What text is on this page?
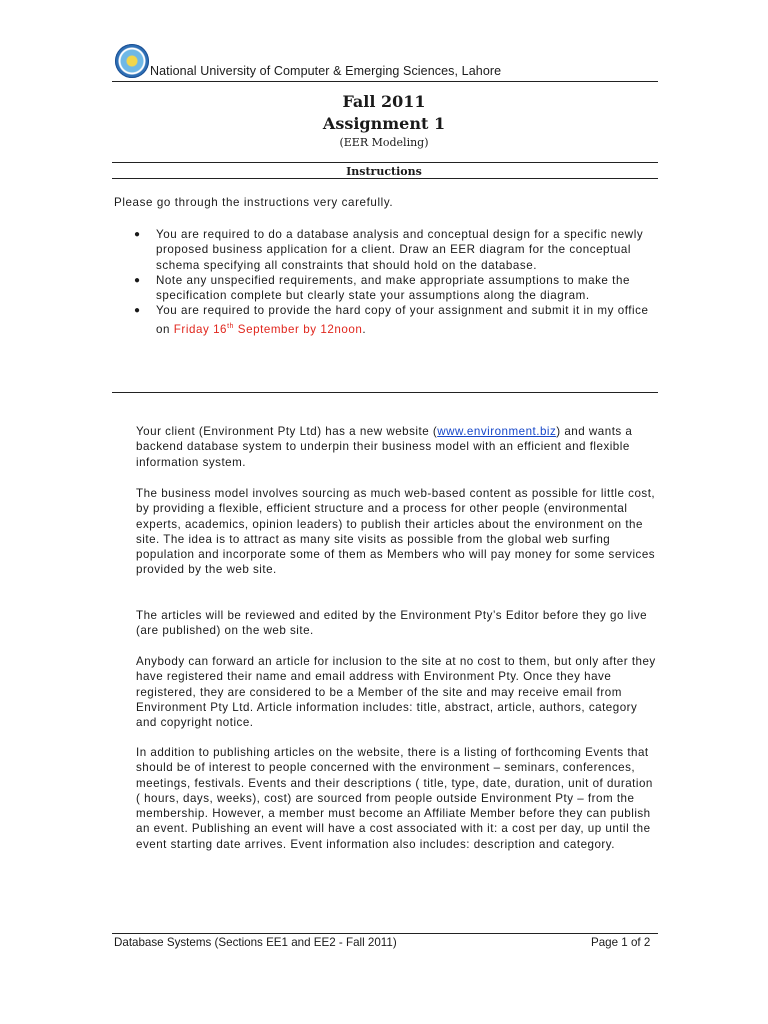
National University of Computer & Emerging Sciences, Lahore
Fall 2011
Assignment 1
(EER Modeling)
Instructions
Please go through the instructions very carefully.
● You are required to do a database analysis and conceptual design for a specific newly proposed business application for a client. Draw an EER diagram for the conceptual schema specifying all constraints that should hold on the database.
● Note any unspecified requirements, and make appropriate assumptions to make the specification complete but clearly state your assumptions along the diagram.
● You are required to provide the hard copy of your assignment and submit it in my office on Friday 16th September by 12noon.

Your client (Environment Pty Ltd) has a new website (www.environment.biz) and wants a backend database system to underpin their business model with an efficient and flexible information system.

The business model involves sourcing as much web-based content as possible for little cost, by providing a flexible, efficient structure and a process for other people (environmental experts, academics, opinion leaders) to publish their articles about the environment on the site. The idea is to attract as many site visits as possible from the global web surfing population and incorporate some of them as Members who will pay money for some services provided by the web site.

The articles will be reviewed and edited by the Environment Pty’s Editor before they go live (are published) on the web site.

Anybody can forward an article for inclusion to the site at no cost to them, but only after they have registered their name and email address with Environment Pty. Once they have registered, they are considered to be a Member of the site and may receive email from Environment Pty Ltd. Article information includes: title, abstract, article, authors, category and copyright notice.

In addition to publishing articles on the website, there is a listing of forthcoming Events that should be of interest to people concerned with the environment – seminars, conferences, meetings, festivals. Events and their descriptions ( title, type, date, duration, unit of duration ( hours, days, weeks), cost) are sourced from people outside Environment Pty – from the membership. However, a member must become an Affiliate Member before they can publish an event. Publishing an event will have a cost associated with it: a cost per day, up until the event starting date arrives. Event information also includes: description and category.

Database Systems (Sections EE1 and EE2 - Fall 2011)	Page 1 of 2
